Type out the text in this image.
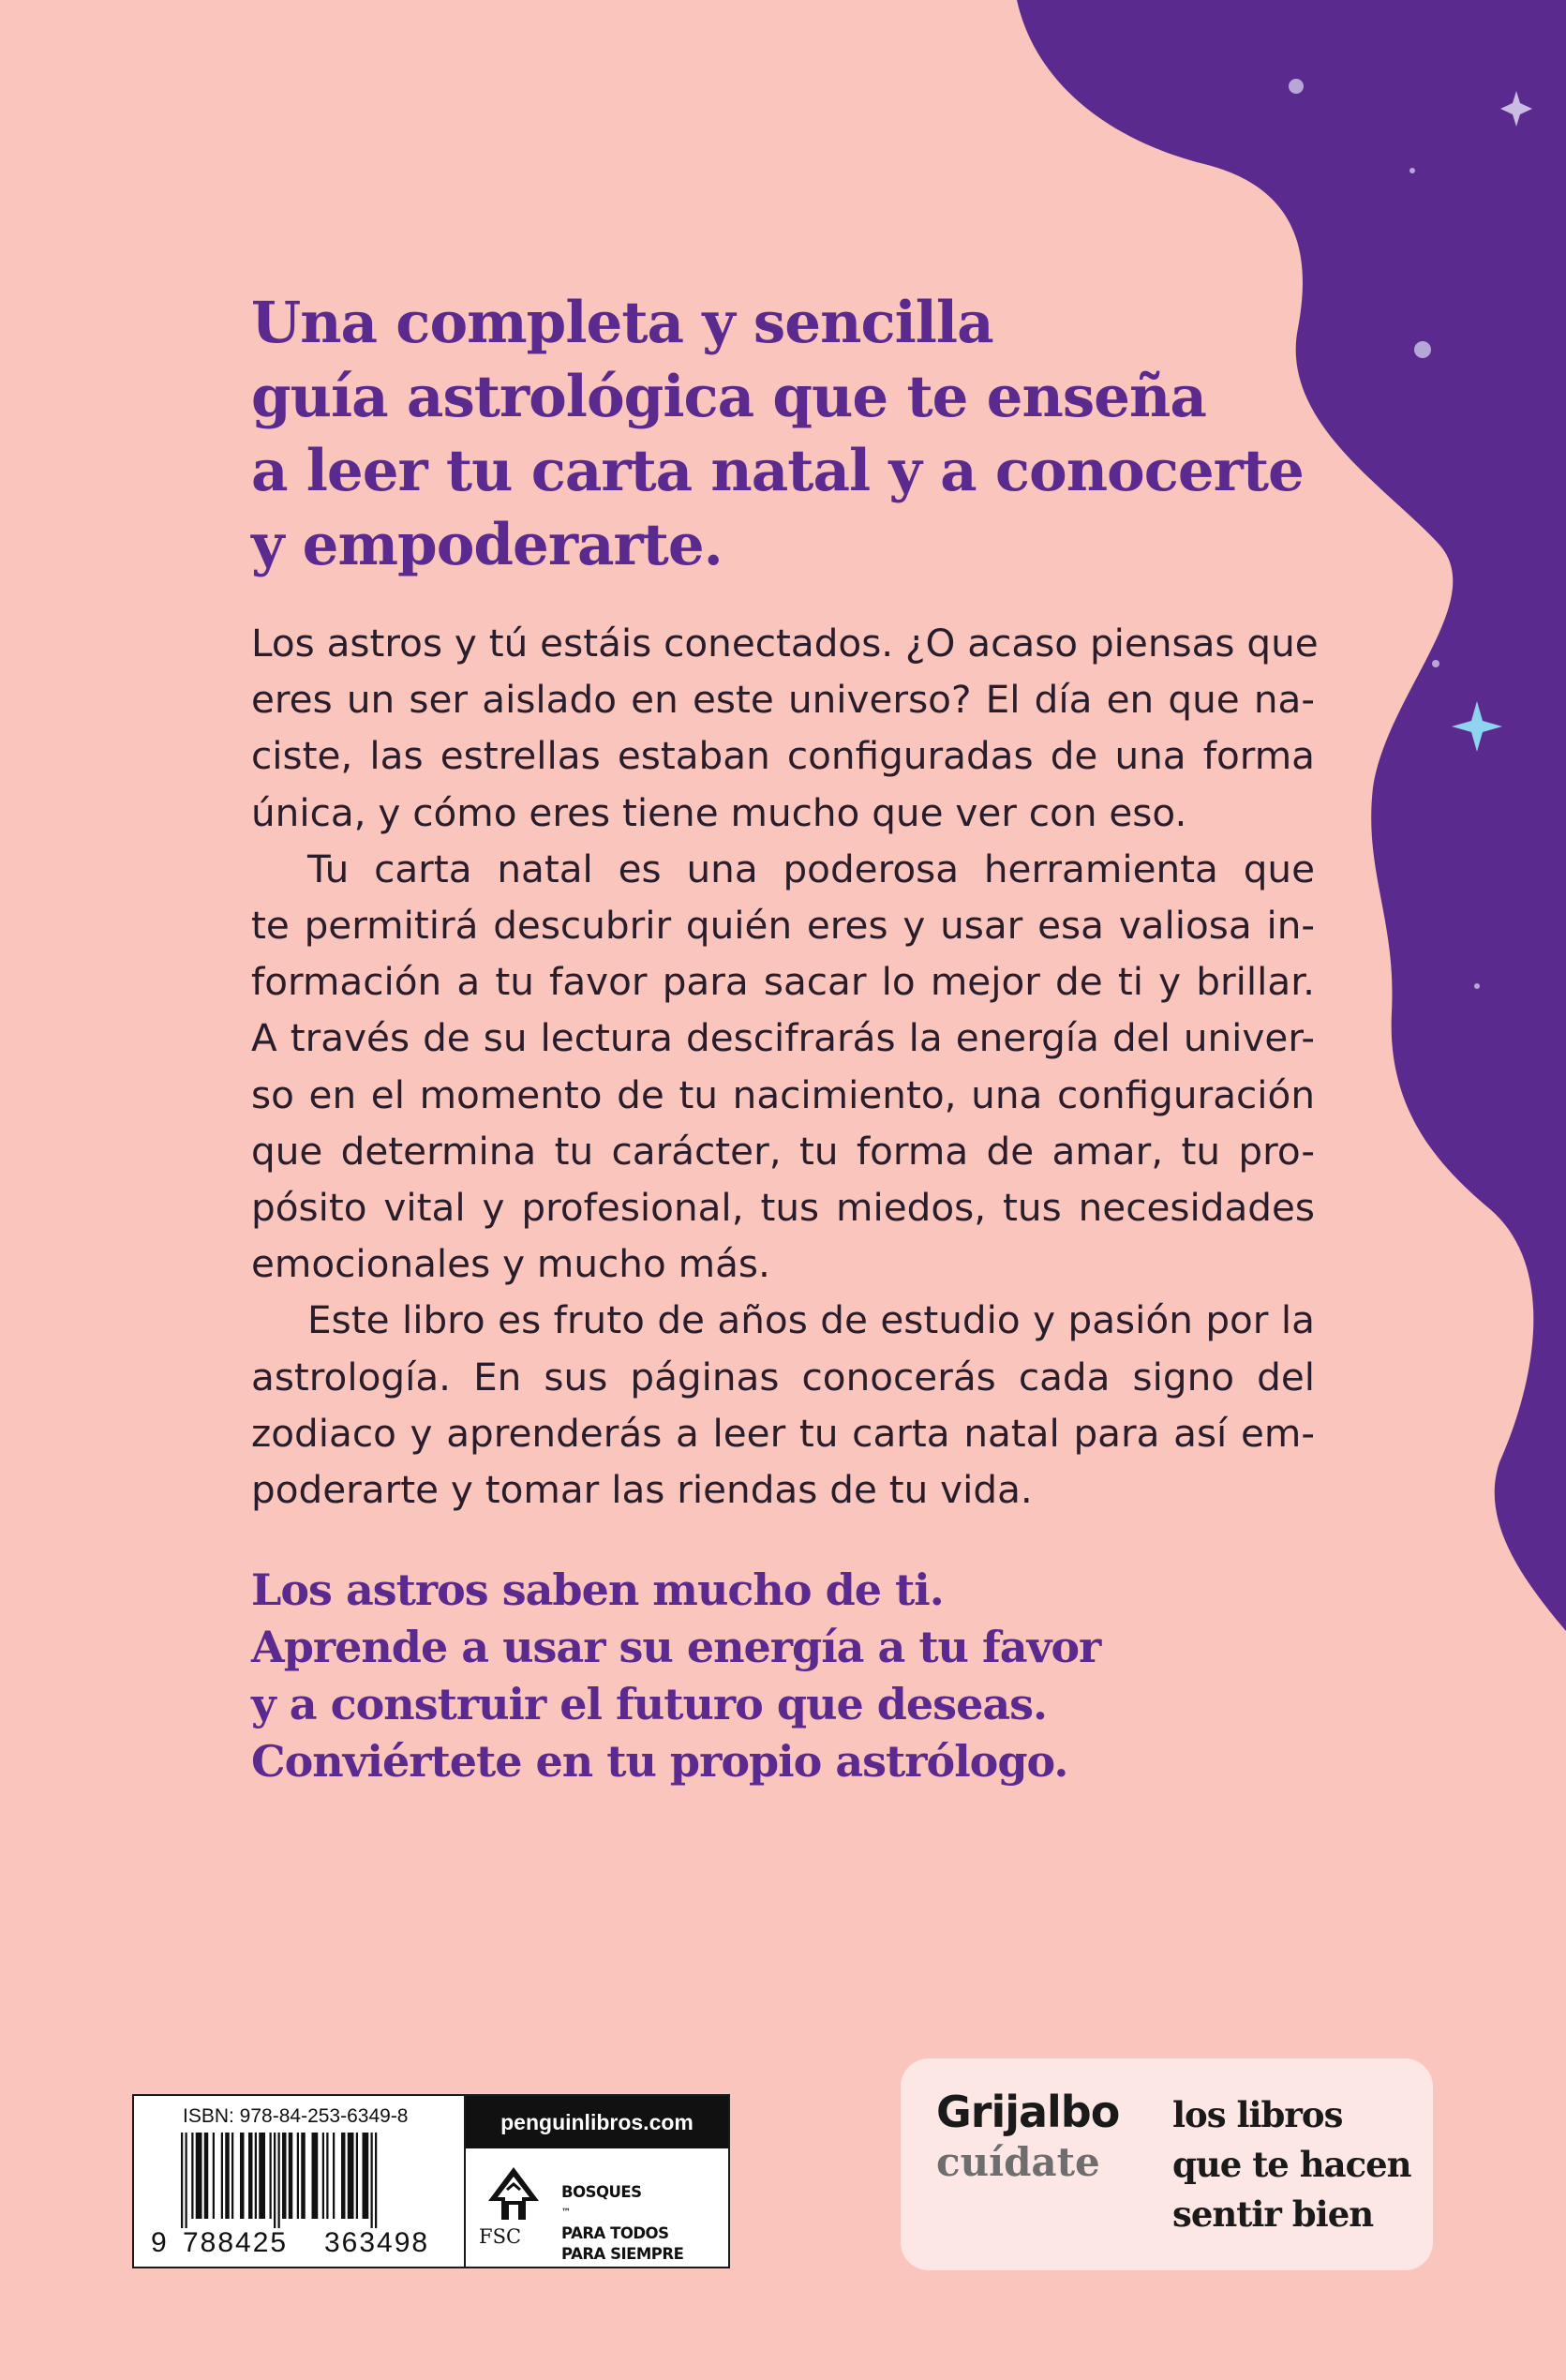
Una completa y sencilla
guía astrológica que te enseña
a leer tu carta natal y a conocerte
y empoderarte.
Los astros y tú estáis conectados. ¿O acaso piensas que
eres un ser aislado en este universo? El día en que na-
ciste, las estrellas estaban configuradas de una forma
única, y cómo eres tiene mucho que ver con eso.
Tu carta natal es una poderosa herramienta que
te permitirá descubrir quién eres y usar esa valiosa in-
formación a tu favor para sacar lo mejor de ti y brillar.
A través de su lectura descifrarás la energía del univer-
so en el momento de tu nacimiento, una configuración
que determina tu carácter, tu forma de amar, tu pro-
pósito vital y profesional, tus miedos, tus necesidades
emocionales y mucho más.
Este libro es fruto de años de estudio y pasión por la
astrología. En sus páginas conocerás cada signo del
zodiaco y aprenderás a leer tu carta natal para así em-
poderarte y tomar las riendas de tu vida.
Los astros saben mucho de ti.
Aprende a usar su energía a tu favor
y a construir el futuro que deseas.
Conviértete en tu propio astrólogo.
ISBN: 978-84-253-6349-8
9 788425 363498
penguinlibros.com
FSC
BOSQUES
™
PARA TODOS
PARA SIEMPRE
Grijalbo
cuídate
los libros
que te hacen
sentir bien
